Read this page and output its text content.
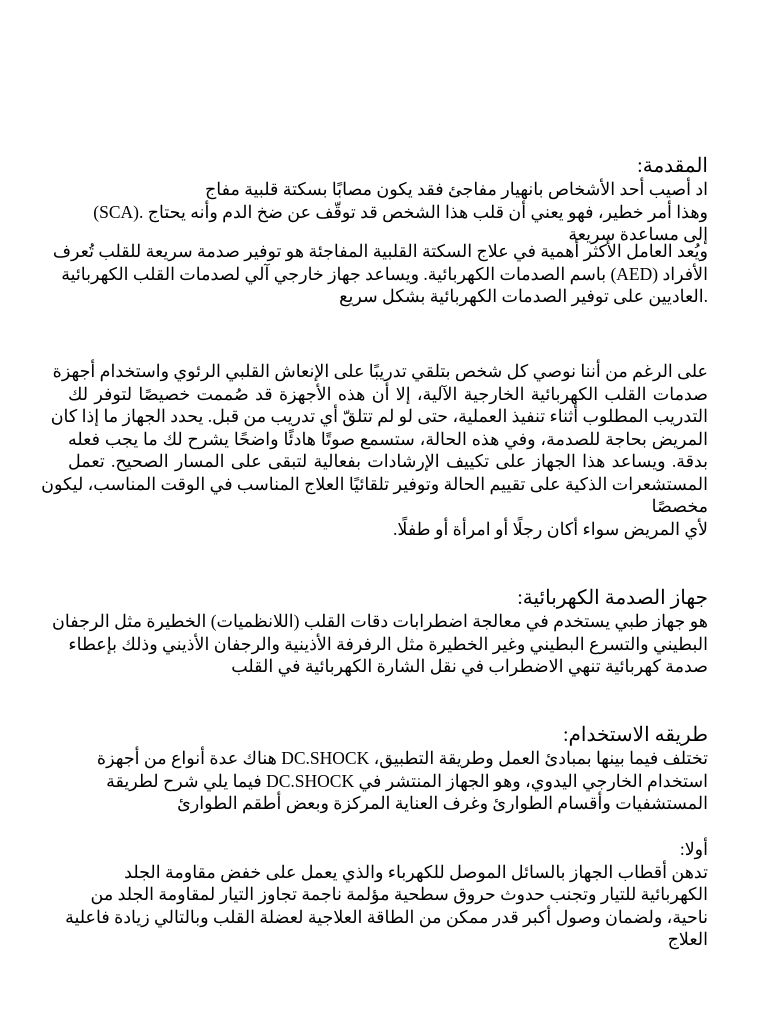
المقدمة:
اد أصيب أحد الأشخاص بانهيار مفاجئ فقد يكون مصابًا بسكتة قلبية مفاج
وهذا أمر خطير، فهو يعني أن قلب هذا الشخص قد توقّف عن ضخ الدم وأنه يحتاج .(SCA)
إلى مساعدة سريعة
ويُعد العامل الأكثر أهمية في علاج السكتة القلبية المفاجئة هو توفير صدمة سريعة للقلب تُعرف
الأفراد (AED) باسم الصدمات الكهربائية. ويساعد جهاز خارجي آلي لصدمات القلب الكهربائية
.العاديين على توفير الصدمات الكهربائية بشكل سريع
على الرغم من أننا نوصي كل شخص بتلقي تدريبًا على الإنعاش القلبي الرئوي واستخدام أجهزة
صدمات القلب الكهربائية الخارجية الآلية، إلا أن هذه الأجهزة قد صُممت خصيصًا لتوفر لك
التدريب المطلوب أثناء تنفيذ العملية، حتى لو لم تتلقّ أي تدريب من قبل. يحدد الجهاز ما إذا كان
المريض بحاجة للصدمة، وفي هذه الحالة، ستسمع صوتًا هادئًا واضحًا يشرح لك ما يجب فعله
بدقة. ويساعد هذا الجهاز على تكييف الإرشادات بفعالية لتبقى على المسار الصحيح. تعمل
المستشعرات الذكية على تقييم الحالة وتوفير تلقائيًا العلاج المناسب في الوقت المناسب، ليكون
مخصصًا
لأي المريض سواء أكان رجلًا أو امرأة أو طفلًا.
جهاز الصدمة الكهربائية:
هو جهاز طبي يستخدم في معالجة اضطرابات دقات القلب (اللانظميات) الخطيرة مثل الرجفان
البطيني والتسرع البطيني وغير الخطيرة مثل الرفرفة الأذينية والرجفان الأذيني وذلك بإعطاء
صدمة كهربائية تنهي الاضطراب في نقل الشارة الكهربائية في القلب
طريقه الاستخدام:
تختلف فيما بينها بمبادئ العمل وطريقة التطبيق، DC.SHOCK هناك عدة أنواع من أجهزة
استخدام الخارجي اليدوي، وهو الجهاز المنتشر في DC.SHOCK فيما يلي شرح لطريقة
المستشفيات وأقسام الطوارئ وغرف العناية المركزة وبعض أطقم الطوارئ
أولا:
تدهن أقطاب الجهاز بالسائل الموصل للكهرباء والذي يعمل على خفض مقاومة الجلد
الكهربائية للتيار وتجنب حدوث حروق سطحية مؤلمة ناجمة تجاوز التيار لمقاومة الجلد من
ناحية، ولضمان وصول أكبر قدر ممكن من الطاقة العلاجية لعضلة القلب وبالتالي زيادة فاعلية
العلاج
